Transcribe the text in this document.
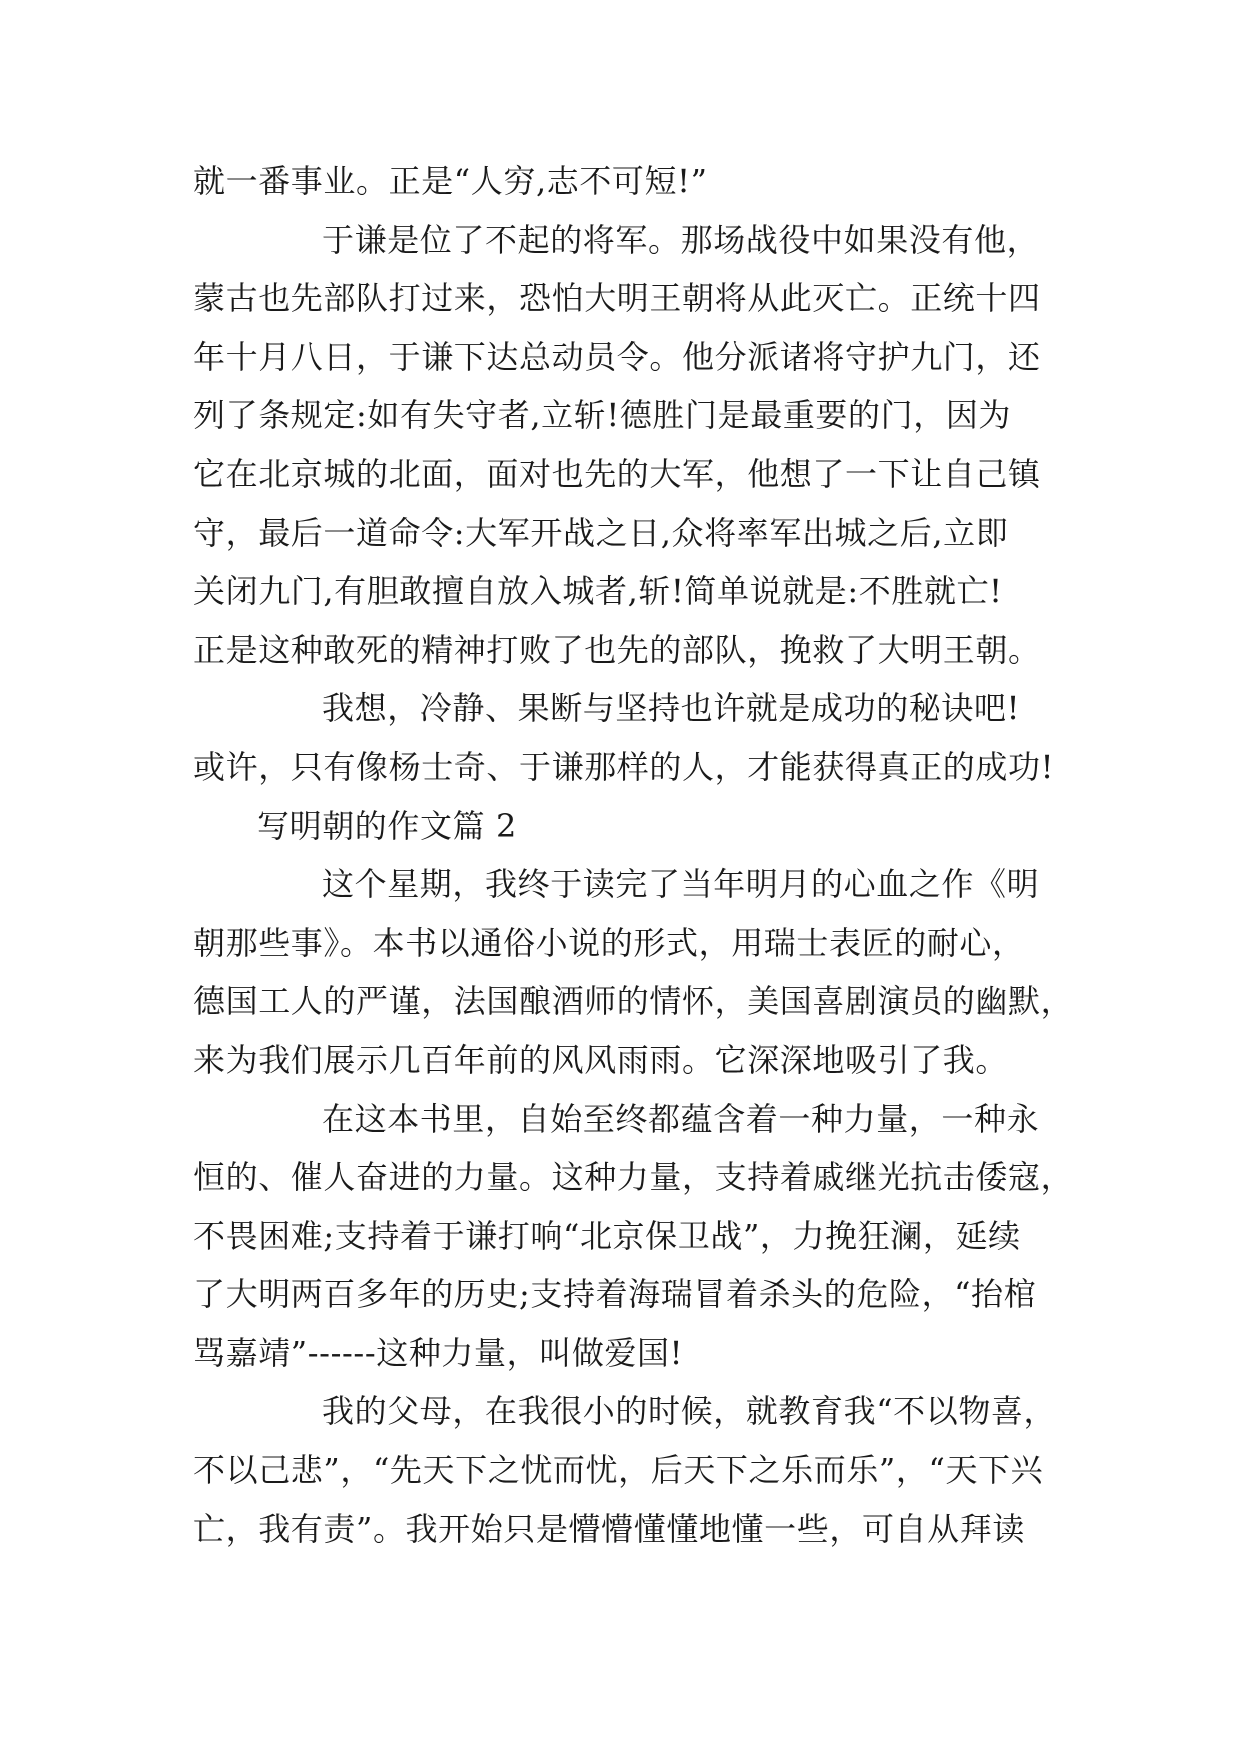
就一番事业。正是“人穷,志不可短!”
于谦是位了不起的将军。那场战役中如果没有他，
蒙古也先部队打过来，恐怕大明王朝将从此灭亡。正统十四
年十月八日，于谦下达总动员令。他分派诸将守护九门，还
列了条规定:如有失守者,立斩!德胜门是最重要的门，因为
它在北京城的北面，面对也先的大军，他想了一下让自己镇
守，最后一道命令:大军开战之日,众将率军出城之后,立即
关闭九门,有胆敢擅自放入城者,斩!简单说就是:不胜就亡!
正是这种敢死的精神打败了也先的部队，挽救了大明王朝。
我想，冷静、果断与坚持也许就是成功的秘诀吧!
或许，只有像杨士奇、于谦那样的人，才能获得真正的成功!
写明朝的作文篇 2
这个星期，我终于读完了当年明月的心血之作《明
朝那些事》。本书以通俗小说的形式，用瑞士表匠的耐心，
德国工人的严谨，法国酿酒师的情怀，美国喜剧演员的幽默，
来为我们展示几百年前的风风雨雨。它深深地吸引了我。
在这本书里，自始至终都蕴含着一种力量，一种永
恒的、催人奋进的力量。这种力量，支持着戚继光抗击倭寇，
不畏困难;支持着于谦打响“北京保卫战”，力挽狂澜，延续
了大明两百多年的历史;支持着海瑞冒着杀头的危险，“抬棺
骂嘉靖”------这种力量，叫做爱国!
我的父母，在我很小的时候，就教育我“不以物喜，
不以己悲”，“先天下之忧而忧，后天下之乐而乐”，“天下兴
亡，我有责”。我开始只是懵懵懂懂地懂一些，可自从拜读
